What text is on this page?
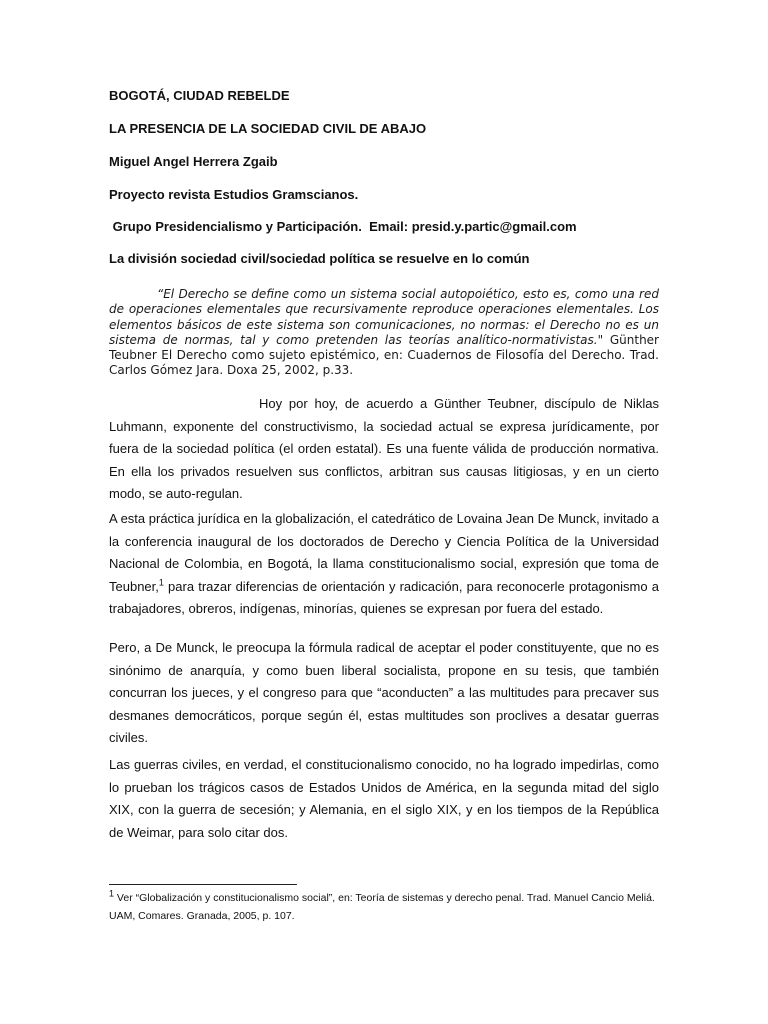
BOGOTÁ, CIUDAD REBELDE
LA PRESENCIA DE LA SOCIEDAD CIVIL DE ABAJO
Miguel Angel Herrera Zgaib
Proyecto revista Estudios Gramscianos.
Grupo Presidencialismo y Participación.  Email: presid.y.partic@gmail.com
La división sociedad civil/sociedad política se resuelve en lo común
“El Derecho se define como un sistema social autopoiético, esto es, como una red de operaciones elementales que recursivamente reproduce operaciones elementales. Los elementos básicos de este sistema son comunicaciones, no normas: el Derecho no es un sistema de normas, tal y como pretenden las teorías analítico-normativistas." Günther Teubner El Derecho como sujeto epistémico, en: Cuadernos de Filosofía del Derecho. Trad. Carlos Gómez Jara. Doxa 25, 2002, p.33.

Hoy por hoy, de acuerdo a Günther Teubner, discípulo de Niklas Luhmann, exponente del constructivismo, la sociedad actual se expresa jurídicamente, por fuera de la sociedad política (el orden estatal). Es una fuente válida de producción normativa. En ella los privados resuelven sus conflictos, arbitran sus causas litigiosas, y en un cierto modo, se auto-regulan.

A esta práctica jurídica en la globalización, el catedrático de Lovaina Jean De Munck, invitado a la conferencia inaugural de los doctorados de Derecho y Ciencia Política de la Universidad Nacional de Colombia, en Bogotá, la llama constitucionalismo social, expresión que toma de Teubner,$^1$ para trazar diferencias de orientación y radicación, para reconocerle protagonismo a trabajadores, obreros, indígenas, minorías, quienes se expresan por fuera del estado.

Pero, a De Munck, le preocupa la fórmula radical de aceptar el poder constituyente, que no es sinónimo de anarquía, y como buen liberal socialista, propone en su tesis, que también concurran los jueces, y el congreso para que “aconducten” a las multitudes para precaver sus desmanes democráticos, porque según él, estas multitudes son proclives a desatar guerras civiles.

Las guerras civiles, en verdad, el constitucionalismo conocido, no ha logrado impedirlas, como lo prueban los trágicos casos de Estados Unidos de América, en la segunda mitad del siglo XIX, con la guerra de secesión; y Alemania, en el siglo XIX, y en los tiempos de la República de Weimar, para solo citar dos.

$^1$ Ver “Globalización y constitucionalismo social”, en: Teoría de sistemas y derecho penal. Trad. Manuel Cancio Meliá. UAM, Comares. Granada, 2005, p. 107.
